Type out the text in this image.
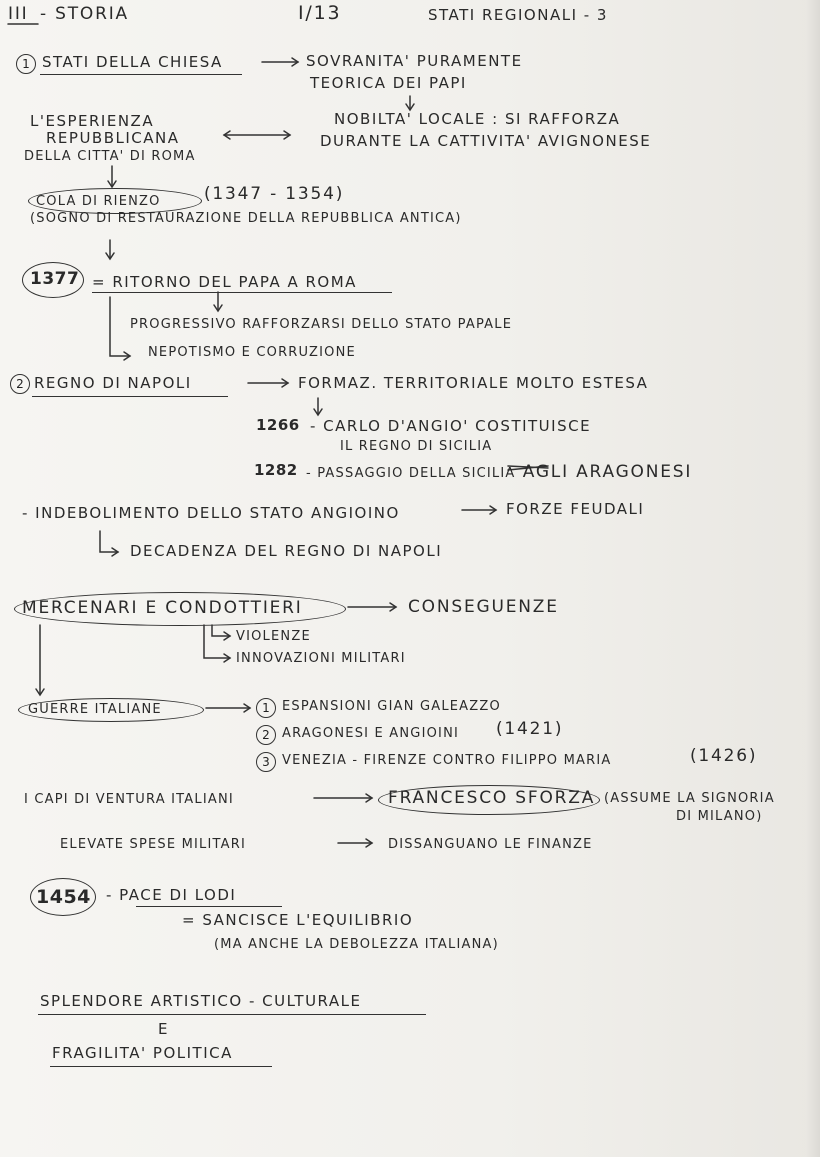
III - STORIA	I/13	STATI REGIONALI - 3
1 STATI DELLA CHIESA	SOVRANITA' PURAMENTE
TEORICA DEI PAPI
NOBILTA' LOCALE : SI RAFFORZA
DURANTE LA CATTIVITA' AVIGNONESE
L'ESPERIENZA
REPUBBLICANA
DELLA CITTA' DI ROMA
COLA DI RIENZO	(1347 - 1354)
(SOGNO DI RESTAURAZIONE DELLA REPUBBLICA ANTICA)
1377 = RITORNO DEL PAPA A ROMA
PROGRESSIVO RAFFORZARSI DELLO STATO PAPALE
NEPOTISMO E CORRUZIONE
2 REGNO DI NAPOLI	FORMAZ. TERRITORIALE MOLTO ESTESA
1266 - CARLO D'ANGIO' COSTITUISCE
IL REGNO DI SICILIA
1282 - PASSAGGIO DELLA SICILIA AGLI ARAGONESI
- INDEBOLIMENTO DELLO STATO ANGIOINO	FORZE FEUDALI
DECADENZA DEL REGNO DI NAPOLI
MERCENARI E CONDOTTIERI	CONSEGUENZE
VIOLENZE
INNOVAZIONI MILITARI
GUERRE ITALIANE	1 ESPANSIONI GIAN GALEAZZO
2 ARAGONESI E ANGIOINI (1421)
3 VENEZIA - FIRENZE CONTRO FILIPPO MARIA	(1426)
I CAPI DI VENTURA ITALIANI	FRANCESCO SFORZA (ASSUME LA SIGNORIA
DI MILANO)
ELEVATE SPESE MILITARI	DISSANGUANO LE FINANZE
1454 - PACE DI LODI
= SANCISCE L'EQUILIBRIO
(MA ANCHE LA DEBOLEZZA ITALIANA)
SPLENDORE ARTISTICO - CULTURALE
E
FRAGILITA' POLITICA
